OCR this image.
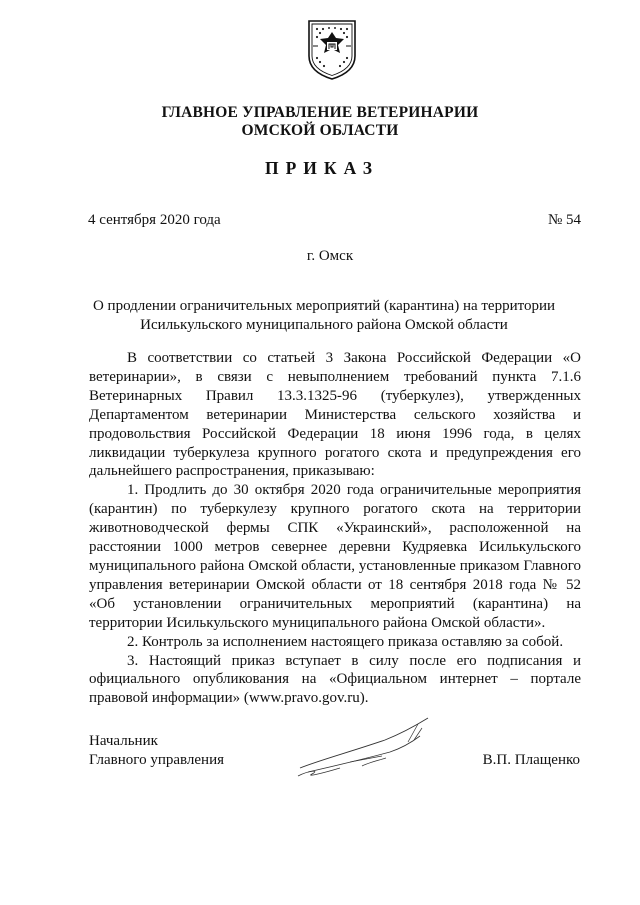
ГЛАВНОЕ УПРАВЛЕНИЕ ВЕТЕРИНАРИИ
ОМСКОЙ ОБЛАСТИ
ПРИКАЗ
4 сентября 2020 года	№ 54
г. Омск
О продлении ограничительных мероприятий (карантина) на территории
Исилькульского муниципального района Омской области

В соответствии со статьей 3 Закона Российской Федерации «О ветеринарии», в связи с невыполнением требований пункта 7.1.6 Ветеринарных Правил 13.3.1325-96 (туберкулез), утвержденных Департаментом ветеринарии Министерства сельского хозяйства и продовольствия Российской Федерации 18 июня 1996 года, в целях ликвидации туберкулеза крупного рогатого скота и предупреждения его дальнейшего распространения, приказываю:

1. Продлить до 30 октября 2020 года ограничительные мероприятия (карантин) по туберкулезу крупного рогатого скота на территории животноводческой фермы СПК «Украинский», расположенной на расстоянии 1000 метров севернее деревни Кудряевка Исилькульского муниципального района Омской области, установленные приказом Главного управления ветеринарии Омской области от 18 сентября 2018 года № 52 «Об установлении ограничительных мероприятий (карантина) на территории Исилькульского муниципального района Омской области».

2. Контроль за исполнением настоящего приказа оставляю за собой.

3. Настоящий приказ вступает в силу после его подписания и официального опубликования на «Официальном интернет – портале правовой информации» (www.pravo.gov.ru).

Начальник
Главного управления	В.П. Плащенко
